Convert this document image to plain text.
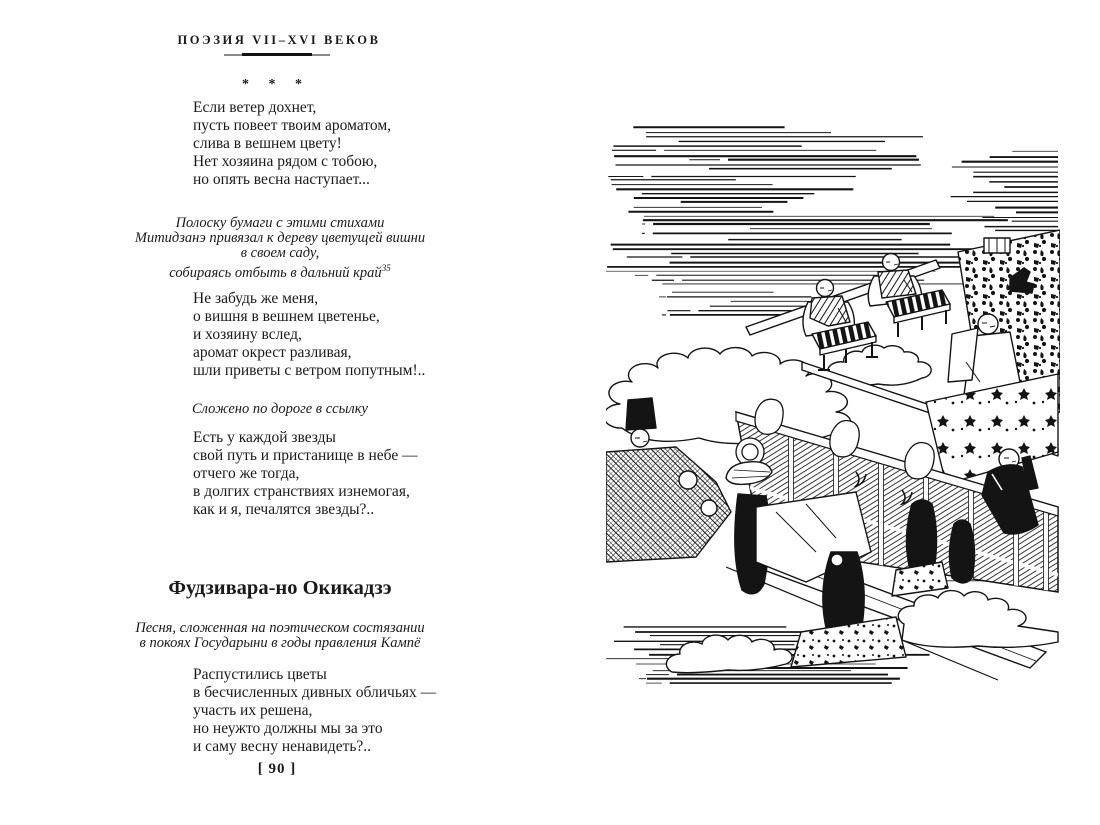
ПОЭЗИЯ VII–XVI ВЕКОВ
* * *
Если ветер дохнет,
пусть повеет твоим ароматом,
слива в вешнем цвету!
Нет хозяина рядом с тобою,
но опять весна наступает...
Полоску бумаги с этими стихами
Митидзанэ привязал к дереву цветущей вишни
в своем саду,
собираясь отбыть в дальний край$^{35}$
Не забудь же меня,
о вишня в вешнем цветенье,
и хозяину вслед,
аромат окрест разливая,
шли приветы с ветром попутным!..
Сложено по дороге в ссылку
Есть у каждой звезды
свой путь и пристанище в небе —
отчего же тогда,
в долгих странствиях изнемогая,
как и я, печалятся звезды?..
Фудзивара-но Окикадзэ
Песня, сложенная на поэтическом состязании
в покоях Государыни в годы правления Кампё
Распустились цветы
в бесчисленных дивных обличьях —
участь их решена,
но неужто должны мы за это
и саму весну ненавидеть?..
[ 90 ]
